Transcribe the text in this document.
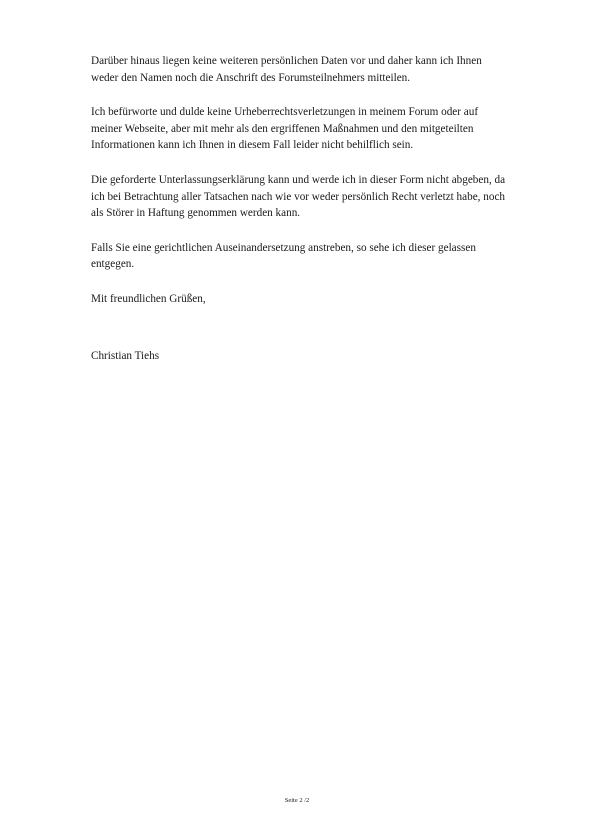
Darüber hinaus liegen keine weiteren persönlichen Daten vor und daher kann ich Ihnen weder den Namen noch die Anschrift des Forumsteilnehmers mitteilen.

Ich befürworte und dulde keine Urheberrechtsverletzungen in meinem Forum oder auf meiner Webseite, aber mit mehr als den ergriffenen Maßnahmen und den mitgeteilten Informationen kann ich Ihnen in diesem Fall leider nicht behilflich sein.

Die geforderte Unterlassungserklärung kann und werde ich in dieser Form nicht abgeben, da ich bei Betrachtung aller Tatsachen nach wie vor weder persönlich Recht verletzt habe, noch als Störer in Haftung genommen werden kann.

Falls Sie eine gerichtlichen Auseinandersetzung anstreben, so sehe ich dieser gelassen entgegen.

Mit freundlichen Grüßen,

Christian Tiehs

Seite 2 /2
